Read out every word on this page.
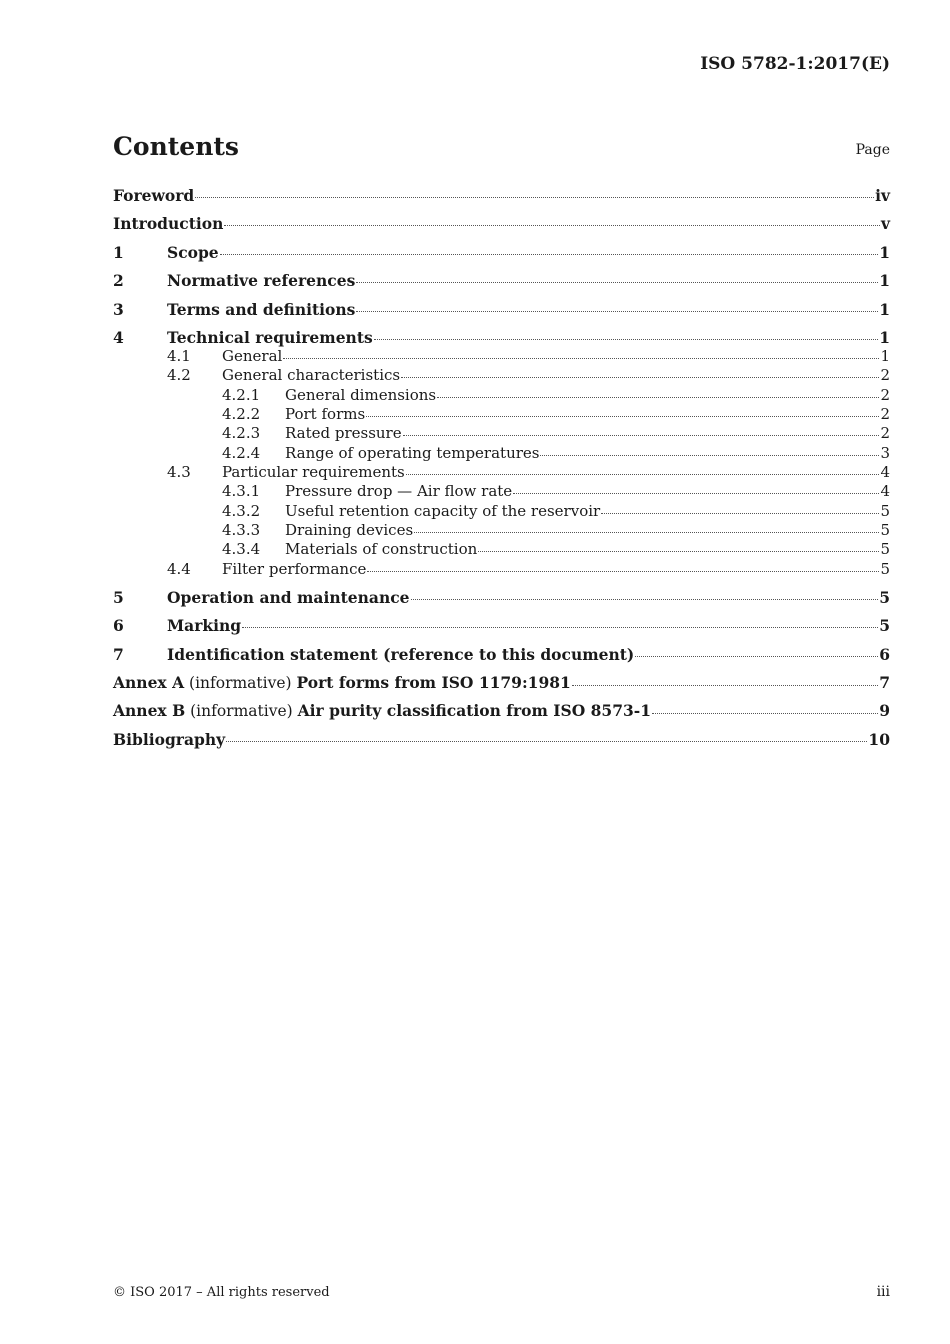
ISO 5782-1:2017(E)
Contents	Page
Foreword	iv
Introduction	v
1	Scope	1
2	Normative references	1
3	Terms and definitions	1
4	Technical requirements	1
4.1	General	1
4.2	General characteristics	2
4.2.1	General dimensions	2
4.2.2	Port forms	2
4.2.3	Rated pressure	2
4.2.4	Range of operating temperatures	3
4.3	Particular requirements	4
4.3.1	Pressure drop — Air flow rate	4
4.3.2	Useful retention capacity of the reservoir	5
4.3.3	Draining devices	5
4.3.4	Materials of construction	5
4.4	Filter performance	5
5	Operation and maintenance	5
6	Marking	5
7	Identification statement (reference to this document)	6
Annex A (informative) Port forms from ISO 1179:1981	7
Annex B (informative) Air purity classification from ISO 8573-1	9
Bibliography	10
© ISO 2017 – All rights reserved	iii
